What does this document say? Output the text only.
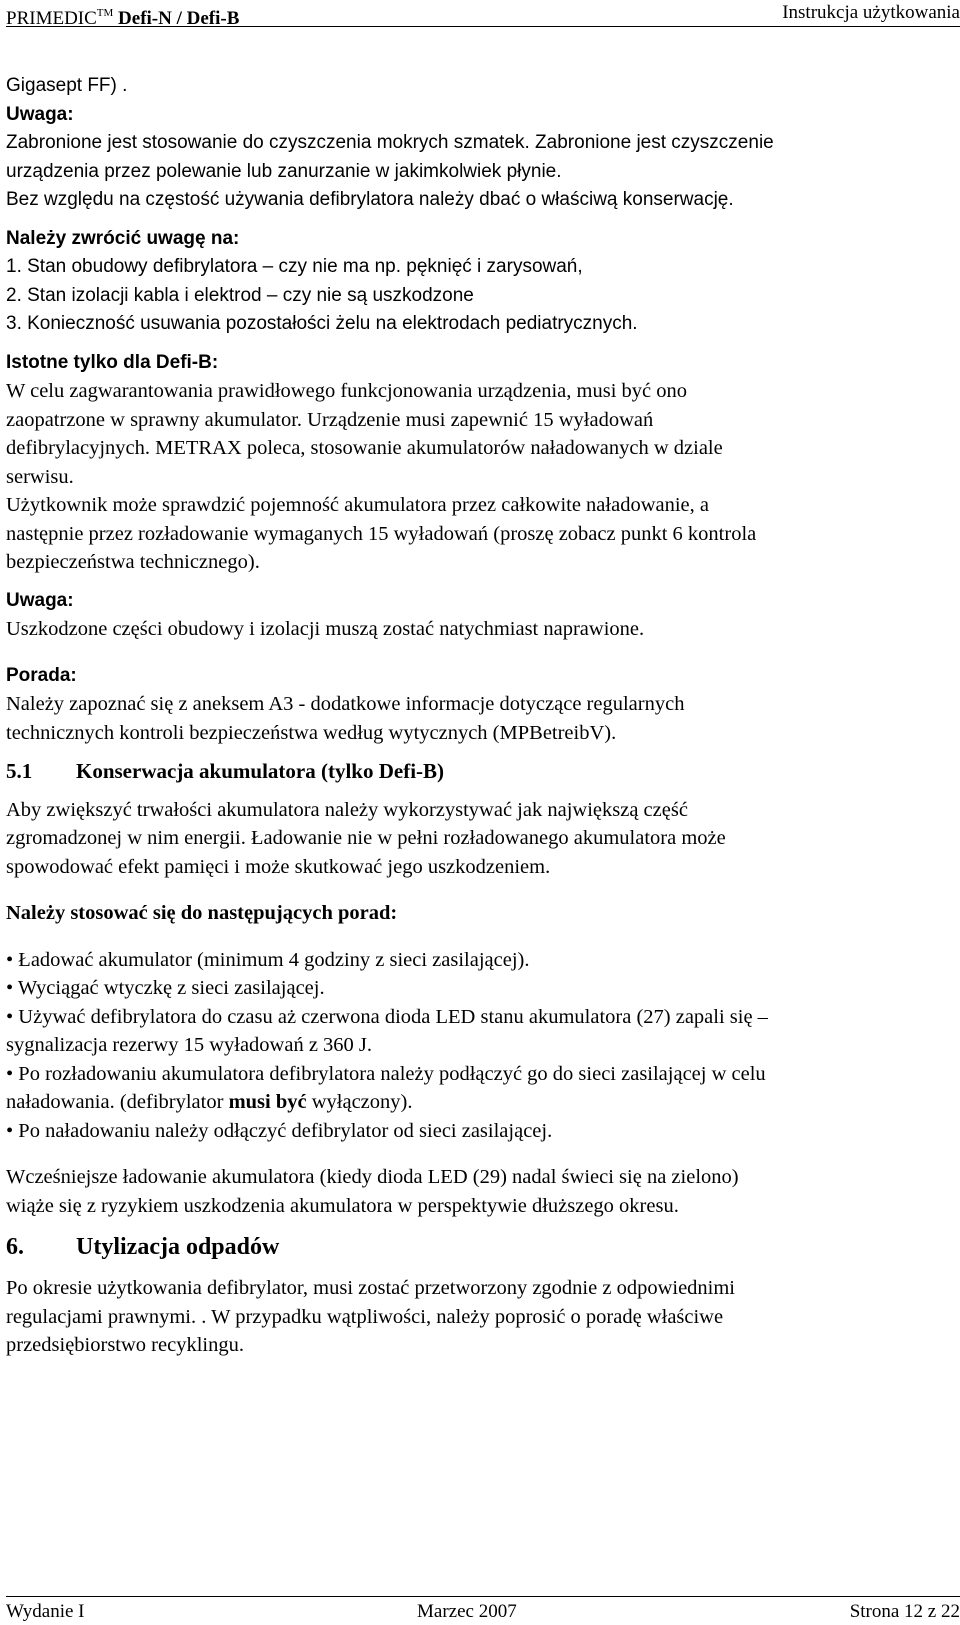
PRIMEDIC™ Defi-N / Defi-B	Instrukcja użytkowania

Gigasept FF) .

Uwaga:

Zabronione jest stosowanie do czyszczenia mokrych szmatek. Zabronione jest czyszczenie

urządzenia przez polewanie lub zanurzanie w jakimkolwiek płynie.

Bez względu na częstość używania defibrylatora należy dbać o właściwą konserwację.

Należy zwrócić uwagę na:

1. Stan obudowy defibrylatora – czy nie ma np. pęknięć i zarysowań,

2. Stan izolacji kabla i elektrod – czy nie są uszkodzone

3. Konieczność usuwania pozostałości żelu na elektrodach pediatrycznych.

Istotne tylko dla Defi-B:

W celu zagwarantowania prawidłowego funkcjonowania urządzenia, musi być ono

zaopatrzone w sprawny akumulator. Urządzenie musi zapewnić 15 wyładowań

defibrylacyjnych. METRAX poleca, stosowanie akumulatorów naładowanych w dziale

serwisu.

Użytkownik może sprawdzić pojemność akumulatora przez całkowite naładowanie, a

następnie przez rozładowanie wymaganych 15 wyładowań (proszę zobacz punkt 6 kontrola

bezpieczeństwa technicznego).

Uwaga:

Uszkodzone części obudowy i izolacji muszą zostać natychmiast naprawione.

Porada:

Należy zapoznać się z aneksem A3 - dodatkowe informacje dotyczące regularnych

technicznych kontroli bezpieczeństwa według wytycznych (MPBetreibV).

5.1 Konserwacja akumulatora (tylko Defi-B)

Aby zwiększyć trwałości akumulatora należy wykorzystywać jak największą część

zgromadzonej w nim energii. Ładowanie nie w pełni rozładowanego akumulatora może

spowodować efekt pamięci i może skutkować jego uszkodzeniem.

Należy stosować się do następujących porad:

• Ładować akumulator (minimum 4 godziny z sieci zasilającej).

• Wyciągać wtyczkę z sieci zasilającej.

• Używać defibrylatora do czasu aż czerwona dioda LED stanu akumulatora (27) zapali się –

sygnalizacja rezerwy 15 wyładowań z 360 J.

• Po rozładowaniu akumulatora defibrylatora należy podłączyć go do sieci zasilającej w celu

naładowania. (defibrylator musi być wyłączony).

• Po naładowaniu należy odłączyć defibrylator od sieci zasilającej.

Wcześniejsze ładowanie akumulatora (kiedy dioda LED (29) nadal świeci się na zielono)

wiąże się z ryzykiem uszkodzenia akumulatora w perspektywie dłuższego okresu.

6. Utylizacja odpadów

Po okresie użytkowania defibrylator, musi zostać przetworzony zgodnie z odpowiednimi

regulacjami prawnymi. . W przypadku wątpliwości, należy poprosić o poradę właściwe

przedsiębiorstwo recyklingu.

Wydanie I	Marzec 2007	Strona 12 z 22
